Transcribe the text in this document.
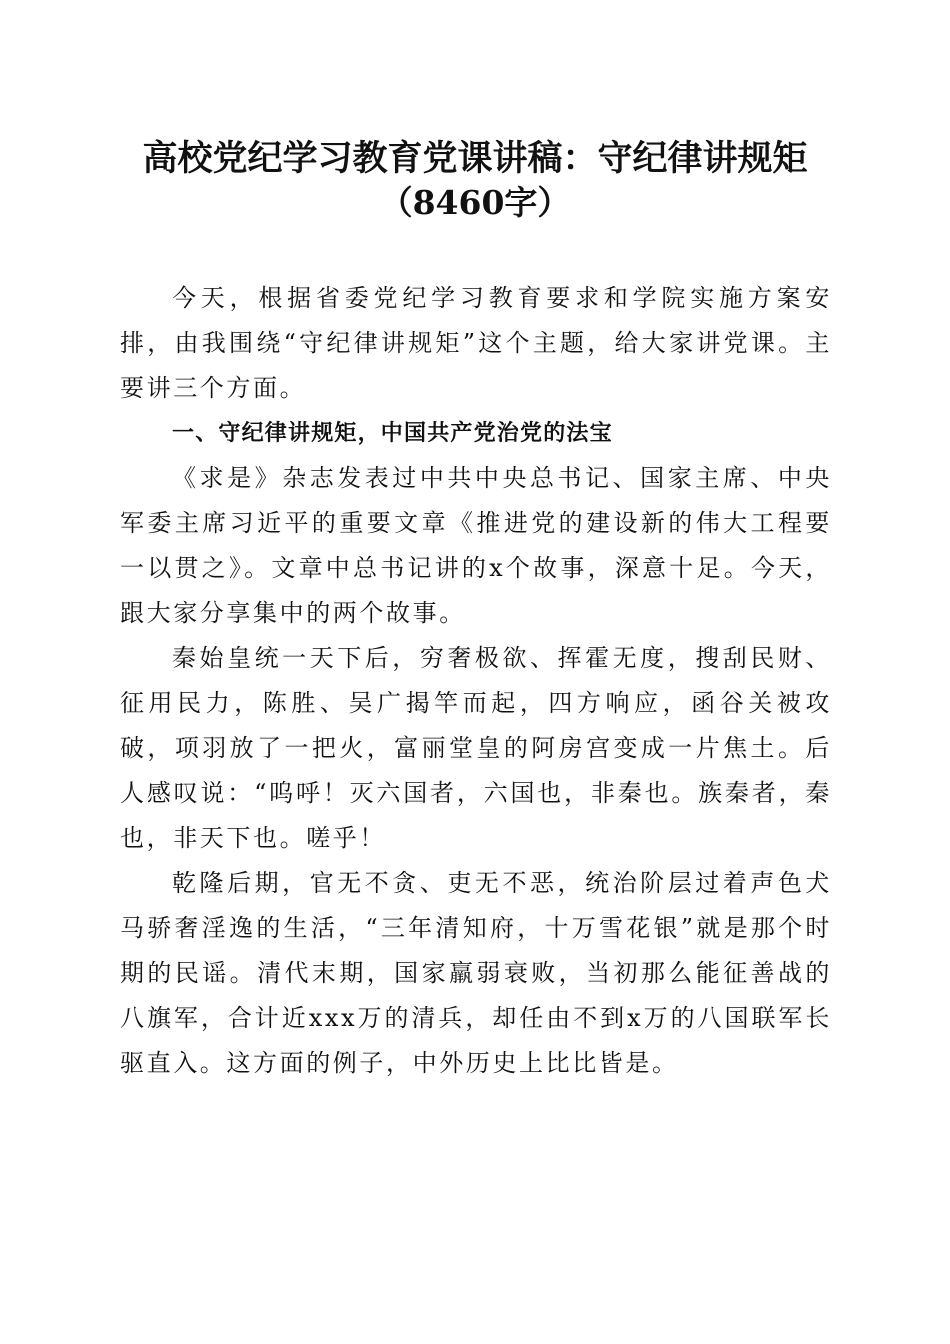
高校党纪学习教育党课讲稿：守纪律讲规矩
（8460字）

今天，根据省委党纪学习教育要求和学院实施方案安排，由我围绕“守纪律讲规矩”这个主题，给大家讲党课。主要讲三个方面。

一、守纪律讲规矩，中国共产党治党的法宝

《求是》杂志发表过中共中央总书记、国家主席、中央军委主席习近平的重要文章《推进党的建设新的伟大工程要一以贯之》。文章中总书记讲的x个故事，深意十足。今天，跟大家分享集中的两个故事。

秦始皇统一天下后，穷奢极欲、挥霍无度，搜刮民财、征用民力，陈胜、吴广揭竿而起，四方响应，函谷关被攻破，项羽放了一把火，富丽堂皇的阿房宫变成一片焦土。后人感叹说：“呜呼！灭六国者，六国也，非秦也。族秦者，秦也，非天下也。嗟乎！

乾隆后期，官无不贪、吏无不恶，统治阶层过着声色犬马骄奢淫逸的生活，“三年清知府，十万雪花银”就是那个时期的民谣。清代末期，国家羸弱衰败，当初那么能征善战的八旗军，合计近xxx万的清兵，却任由不到x万的八国联军长驱直入。这方面的例子，中外历史上比比皆是。
